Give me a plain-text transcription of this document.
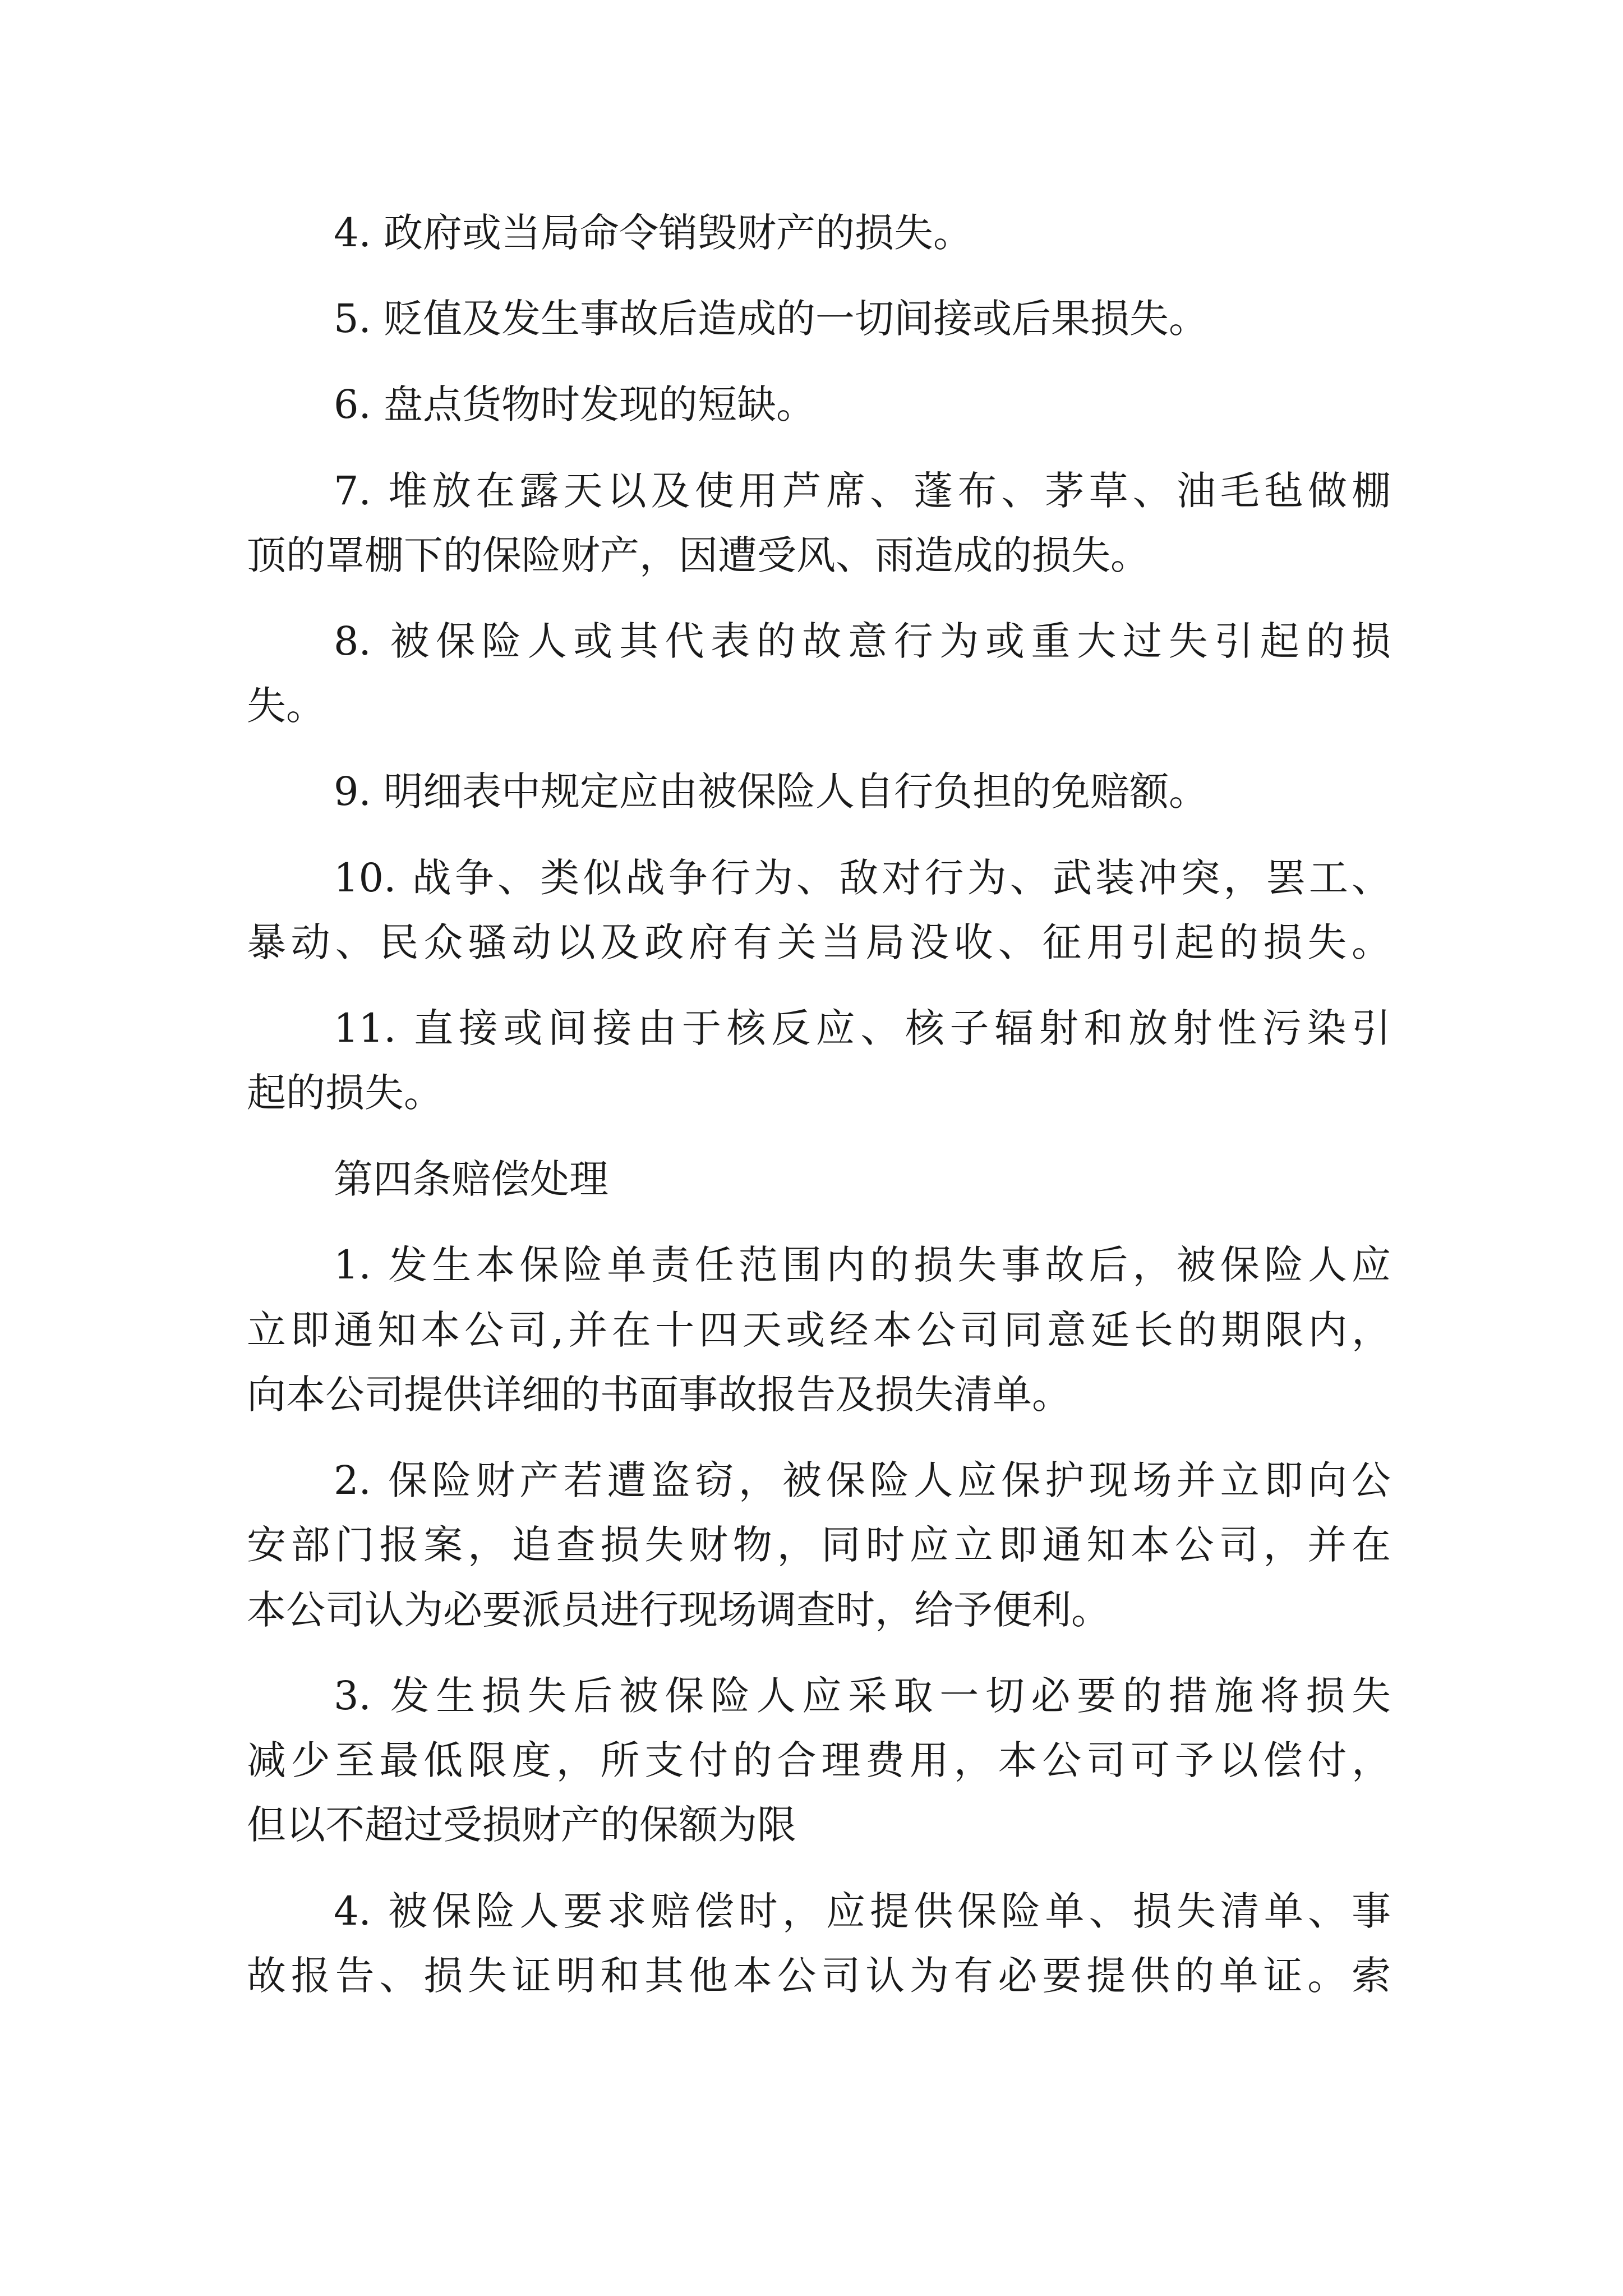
4. 政府或当局命令销毁财产的损失。

5. 贬值及发生事故后造成的一切间接或后果损失。

6. 盘点货物时发现的短缺。

7. 堆放在露天以及使用芦席、蓬布、茅草、油毛毡做棚

顶的罩棚下的保险财产，因遭受风、雨造成的损失。

8. 被保险人或其代表的故意行为或重大过失引起的损

失。

9. 明细表中规定应由被保险人自行负担的免赔额。

10. 战争、类似战争行为、敌对行为、武装冲突，罢工、

暴动、民众骚动以及政府有关当局没收、征用引起的损失。

11. 直接或间接由于核反应、核子辐射和放射性污染引

起的损失。

第四条赔偿处理

1. 发生本保险单责任范围内的损失事故后，被保险人应

立即通知本公司,并在十四天或经本公司同意延长的期限内，

向本公司提供详细的书面事故报告及损失清单。

2. 保险财产若遭盗窃，被保险人应保护现场并立即向公

安部门报案，追查损失财物，同时应立即通知本公司，并在

本公司认为必要派员进行现场调查时，给予便利。

3. 发生损失后被保险人应采取一切必要的措施将损失

减少至最低限度，所支付的合理费用，本公司可予以偿付，

但以不超过受损财产的保额为限

4. 被保险人要求赔偿时，应提供保险单、损失清单、事

故报告、损失证明和其他本公司认为有必要提供的单证。索
